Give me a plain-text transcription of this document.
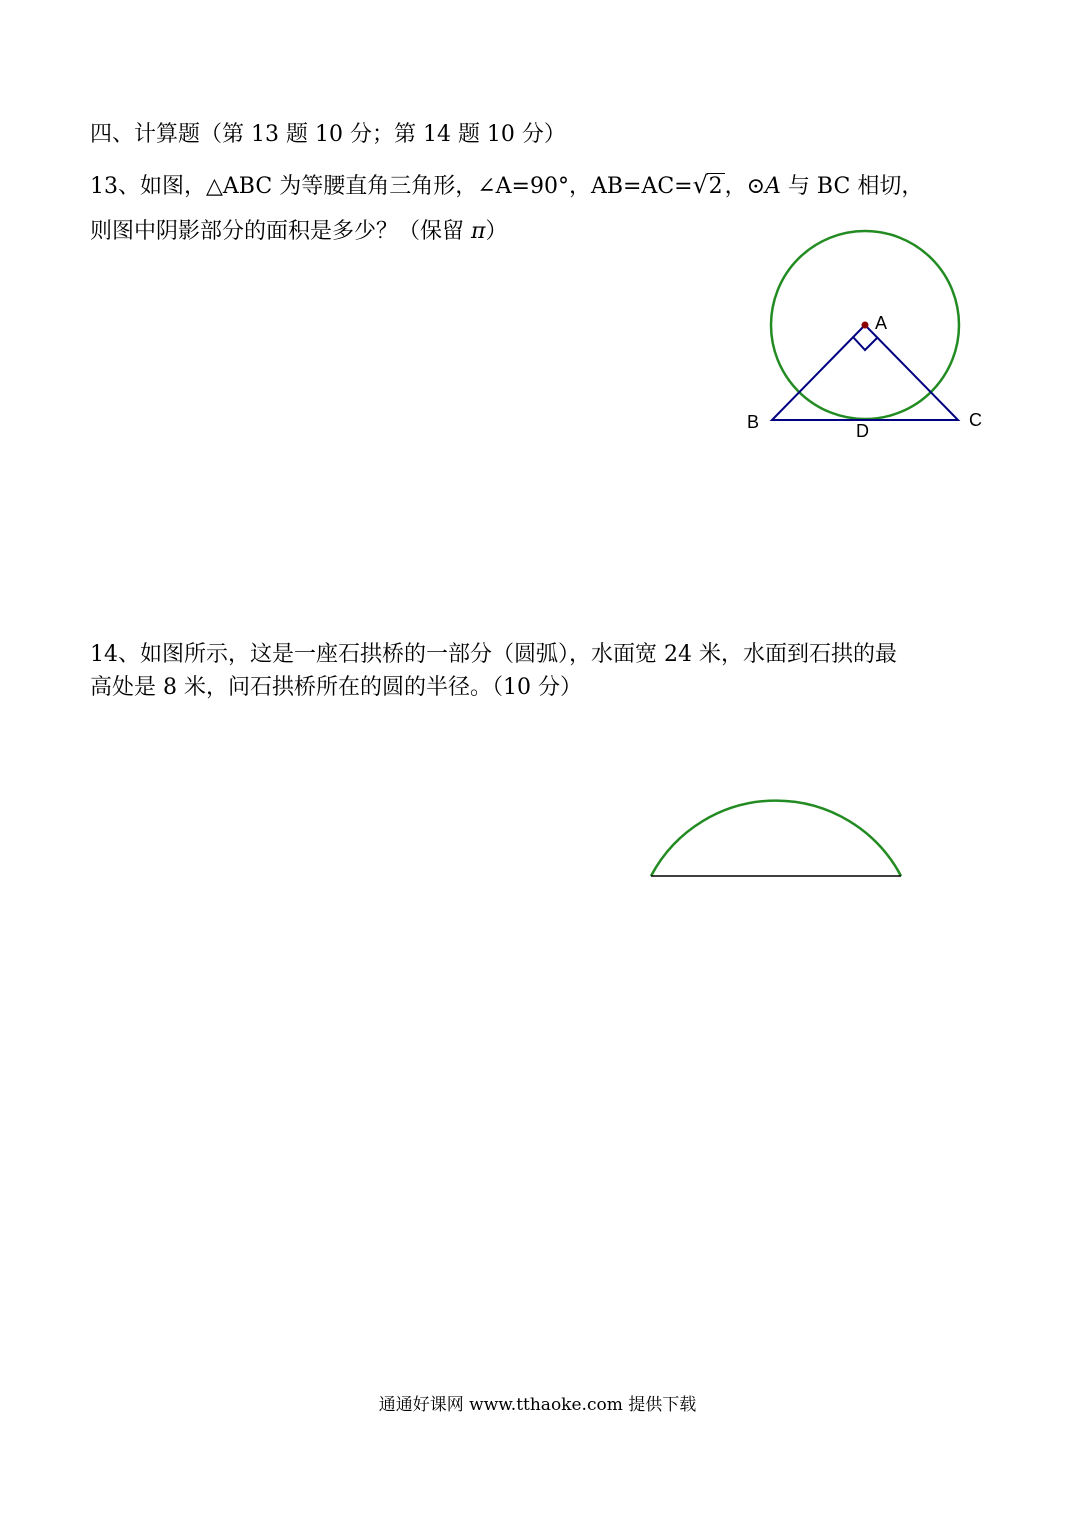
四、计算题（第 13 题 10 分；第 14 题 10 分）
13、如图，△ABC 为等腰直角三角形，∠A=90°，AB=AC= √ 2，⊙A 与 BC 相切，
则图中阴影部分的面积是多少？（保留 π）
A
B	C
D
14、如图所示，这是一座石拱桥的一部分（圆弧），水面宽 24 米，水面到石拱的最
高处是 8 米，问石拱桥所在的圆的半径。（10 分）
通通好课网 www.tthaoke.com 提供下载
